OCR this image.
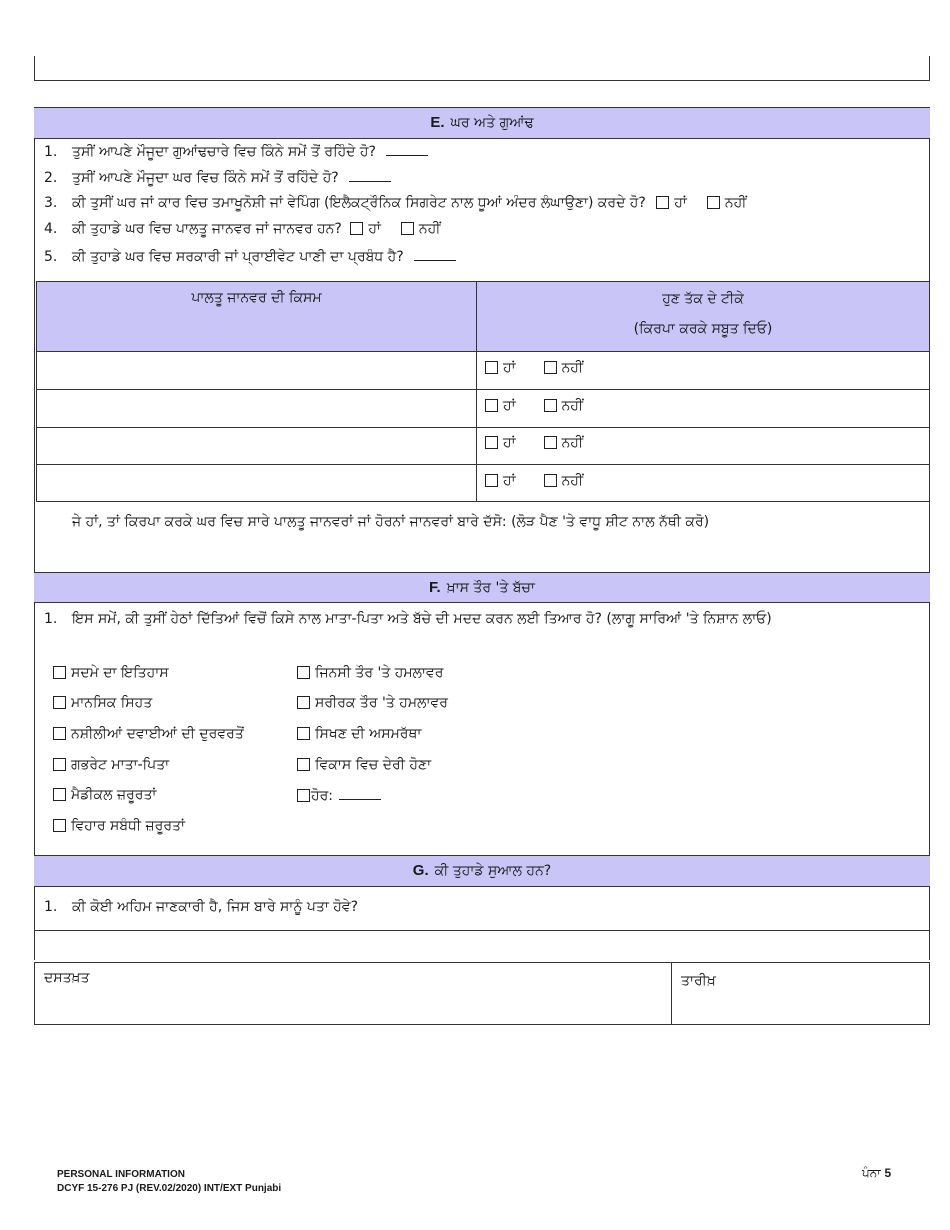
E. ਘਰ ਅਤੇ ਗੁਆਂਢ
1. ਤੁਸੀਂ ਆਪਣੇ ਮੌਜੂਦਾ ਗੁਆਂਢਚਾਰੇ ਵਿਚ ਕਿੰਨੇ ਸਮੇਂ ਤੋਂ ਰਹਿੰਦੇ ਹੋ?
2. ਤੁਸੀਂ ਆਪਣੇ ਮੌਜੂਦਾ ਘਰ ਵਿਚ ਕਿੰਨੇ ਸਮੇਂ ਤੋਂ ਰਹਿੰਦੇ ਹੋ?
3. ਕੀ ਤੁਸੀਂ ਘਰ ਜਾਂ ਕਾਰ ਵਿਚ ਤਮਾਖੂਨੋਸ਼ੀ ਜਾਂ ਵੇਪਿੰਗ (ਇਲੈਕਟ੍ਰੌਨਿਕ ਸਿਗਰੇਟ ਨਾਲ ਧੂਆਂ ਅੰਦਰ ਲੰਘਾਉਣਾ) ਕਰਦੇ ਹੋ? ਹਾਂ	ਨਹੀਂ
4. ਕੀ ਤੁਹਾਡੇ ਘਰ ਵਿਚ ਪਾਲਤੂ ਜਾਨਵਰ ਜਾਂ ਜਾਨਵਰ ਹਨ? ਹਾਂ	ਨਹੀਂ
5. ਕੀ ਤੁਹਾਡੇ ਘਰ ਵਿਚ ਸਰਕਾਰੀ ਜਾਂ ਪ੍ਰਾਈਵੇਟ ਪਾਣੀ ਦਾ ਪ੍ਰਬੰਧ ਹੈ?
ਪਾਲਤੂ ਜਾਨਵਰ ਦੀ ਕਿਸਮ	ਹੁਣ ਤੱਕ ਦੇ ਟੀਕੇ
(ਕਿਰਪਾ ਕਰਕੇ ਸਬੂਤ ਦਿਓ)
ਹਾਂ	ਨਹੀਂ
ਹਾਂ	ਨਹੀਂ
ਹਾਂ	ਨਹੀਂ
ਹਾਂ	ਨਹੀਂ
ਜੇ ਹਾਂ, ਤਾਂ ਕਿਰਪਾ ਕਰਕੇ ਘਰ ਵਿਚ ਸਾਰੇ ਪਾਲਤੂ ਜਾਨਵਰਾਂ ਜਾਂ ਹੋਰਨਾਂ ਜਾਨਵਰਾਂ ਬਾਰੇ ਦੱਸੋ: (ਲੋੜ ਪੈਣ 'ਤੇ ਵਾਧੂ ਸ਼ੀਟ ਨਾਲ ਨੱਥੀ ਕਰੋ)
F. ਖ਼ਾਸ ਤੌਰ 'ਤੇ ਬੱਚਾ
1. ਇਸ ਸਮੇਂ, ਕੀ ਤੁਸੀਂ ਹੇਠਾਂ ਦਿੱਤਿਆਂ ਵਿਚੋਂ ਕਿਸੇ ਨਾਲ ਮਾਤਾ-ਪਿਤਾ ਅਤੇ ਬੱਚੇ ਦੀ ਮਦਦ ਕਰਨ ਲਈ ਤਿਆਰ ਹੋ? (ਲਾਗੂ ਸਾਰਿਆਂ 'ਤੇ ਨਿਸ਼ਾਨ ਲਾਓ)
ਸਦਮੇ ਦਾ ਇਤਿਹਾਸ
ਮਾਨਸਿਕ ਸਿਹਤ
ਨਸ਼ੀਲੀਆਂ ਦਵਾਈਆਂ ਦੀ ਦੁਰਵਰਤੋਂ
ਗਭਰੇਟ ਮਾਤਾ-ਪਿਤਾ
ਮੈਡੀਕਲ ਜ਼ਰੂਰਤਾਂ
ਵਿਹਾਰ ਸਬੰਧੀ ਜ਼ਰੂਰਤਾਂ
ਜਿਨਸੀ ਤੌਰ 'ਤੇ ਹਮਲਾਵਰ
ਸਰੀਰਕ ਤੌਰ 'ਤੇ ਹਮਲਾਵਰ
ਸਿਖਣ ਦੀ ਅਸਮਰੱਥਾ
ਵਿਕਾਸ ਵਿਚ ਦੇਰੀ ਹੋਣਾ
ਹੋਰ:
G. ਕੀ ਤੁਹਾਡੇ ਸੁਆਲ ਹਨ?
1. ਕੀ ਕੋਈ ਅਹਿਮ ਜਾਣਕਾਰੀ ਹੈ, ਜਿਸ ਬਾਰੇ ਸਾਨੂੰ ਪਤਾ ਹੋਵੇ?
ਦਸਤਖ਼ਤ	ਤਾਰੀਖ਼
PERSONAL INFORMATION
DCYF 15-276 PJ (REV.02/2020) INT/EXT Punjabi
ਪੰਨਾ 5
